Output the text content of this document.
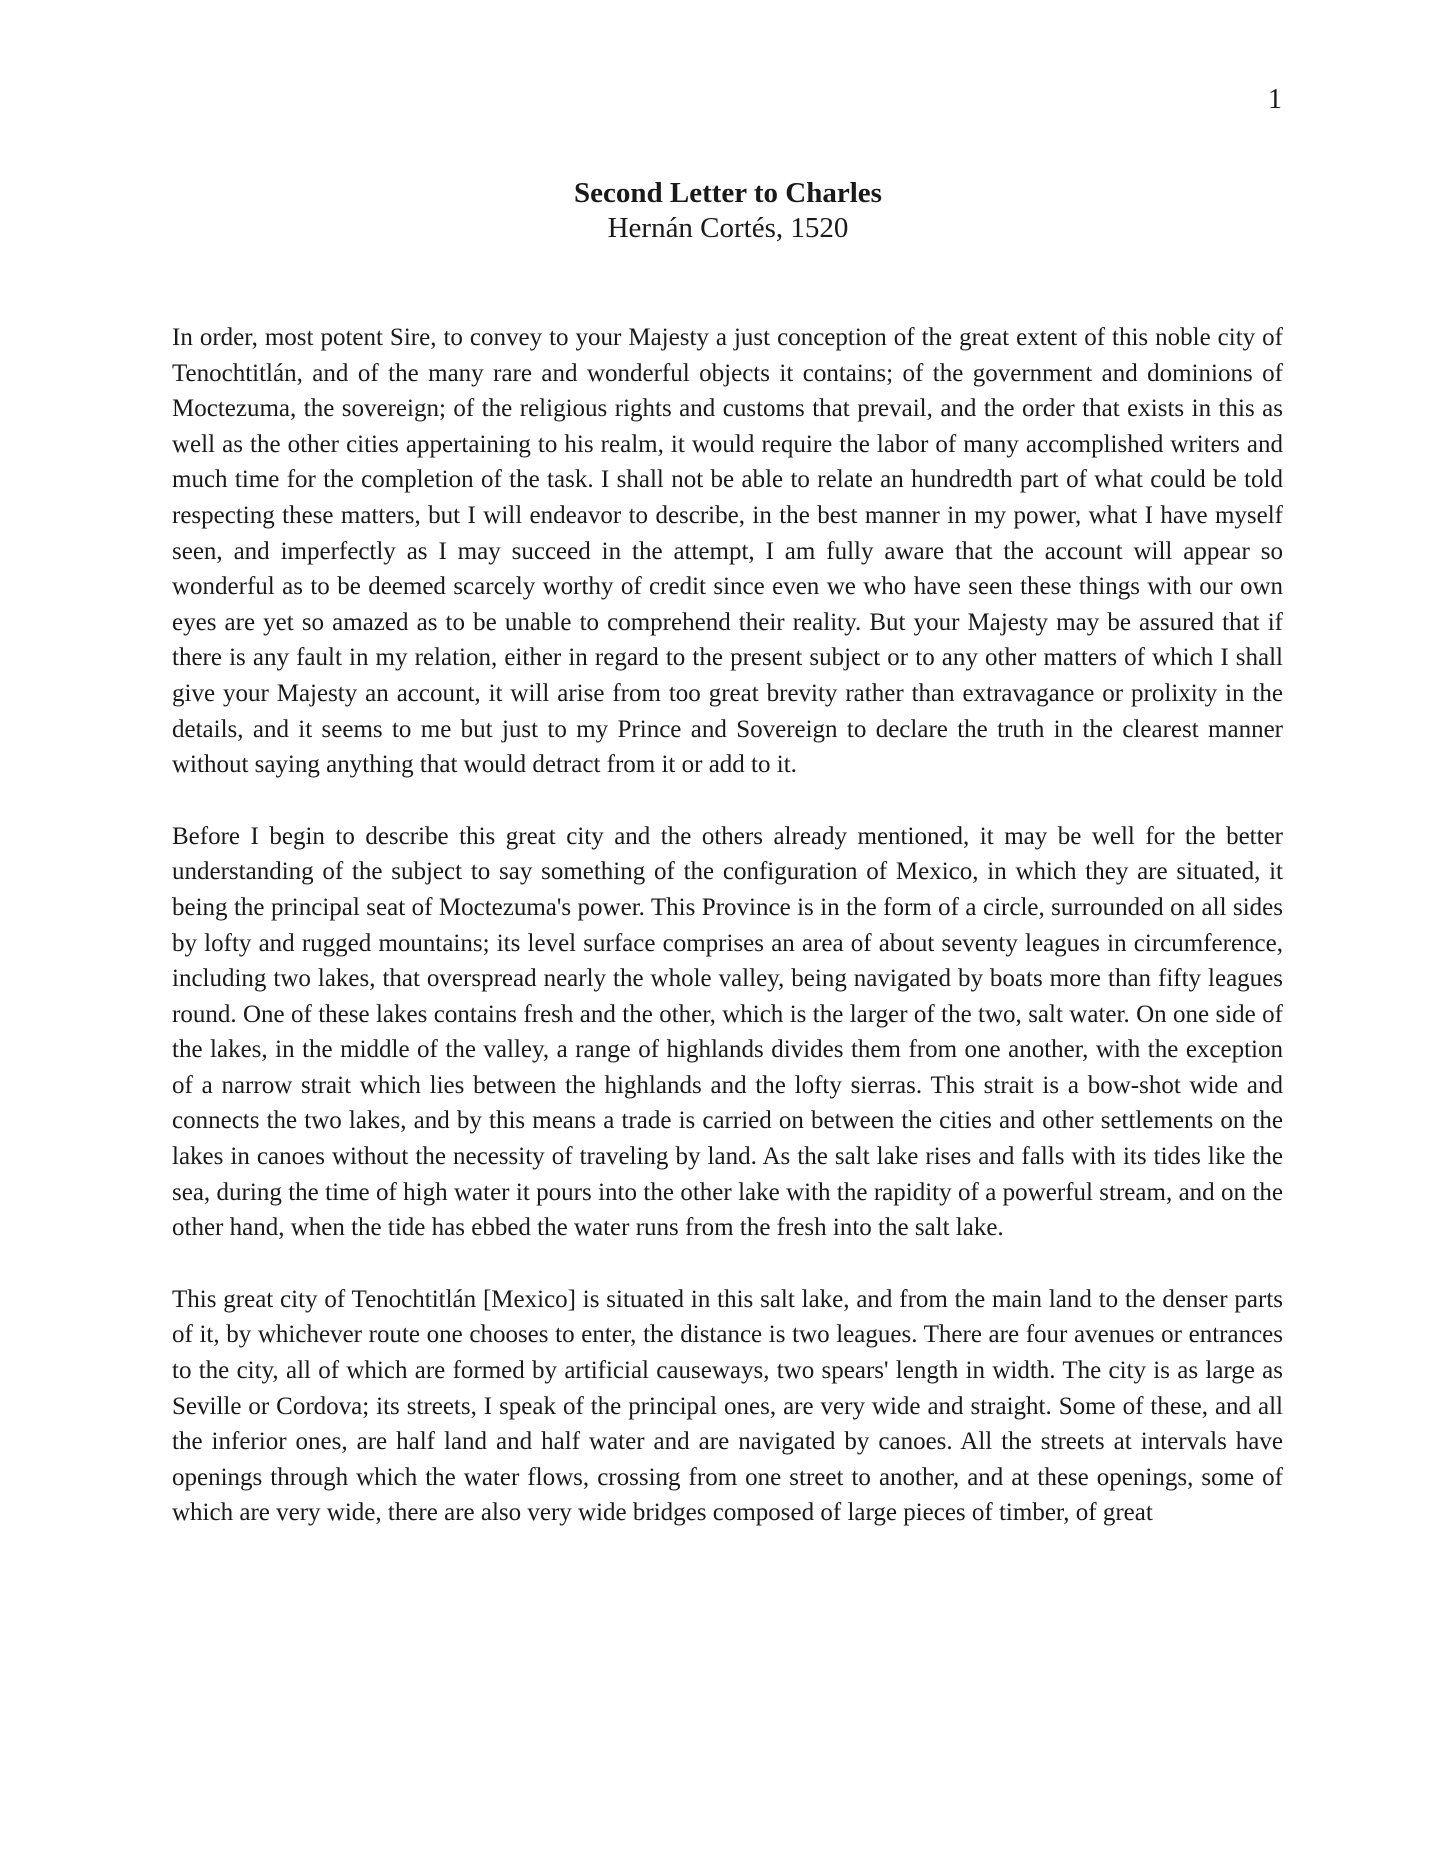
1

Second Letter to Charles

Hernán Cortés, 1520

In order, most potent Sire, to convey to your Majesty a just conception of the great extent of this noble city of Tenochtitlán, and of the many rare and wonderful objects it contains; of the government and dominions of Moctezuma, the sovereign; of the religious rights and customs that prevail, and the order that exists in this as well as the other cities appertaining to his realm, it would require the labor of many accomplished writers and much time for the completion of the task. I shall not be able to relate an hundredth part of what could be told respecting these matters, but I will endeavor to describe, in the best manner in my power, what I have myself seen, and imperfectly as I may succeed in the attempt, I am fully aware that the account will appear so wonderful as to be deemed scarcely worthy of credit since even we who have seen these things with our own eyes are yet so amazed as to be unable to comprehend their reality. But your Majesty may be assured that if there is any fault in my relation, either in regard to the present subject or to any other matters of which I shall give your Majesty an account, it will arise from too great brevity rather than extravagance or prolixity in the details, and it seems to me but just to my Prince and Sovereign to declare the truth in the clearest manner without saying anything that would detract from it or add to it.

Before I begin to describe this great city and the others already mentioned, it may be well for the better understanding of the subject to say something of the configuration of Mexico, in which they are situated, it being the principal seat of Moctezuma's power. This Province is in the form of a circle, surrounded on all sides by lofty and rugged mountains; its level surface comprises an area of about seventy leagues in circumference, including two lakes, that overspread nearly the whole valley, being navigated by boats more than fifty leagues round. One of these lakes contains fresh and the other, which is the larger of the two, salt water. On one side of the lakes, in the middle of the valley, a range of highlands divides them from one another, with the exception of a narrow strait which lies between the highlands and the lofty sierras. This strait is a bow-shot wide and connects the two lakes, and by this means a trade is carried on between the cities and other settlements on the lakes in canoes without the necessity of traveling by land. As the salt lake rises and falls with its tides like the sea, during the time of high water it pours into the other lake with the rapidity of a powerful stream, and on the other hand, when the tide has ebbed the water runs from the fresh into the salt lake.

This great city of Tenochtitlán [Mexico] is situated in this salt lake, and from the main land to the denser parts of it, by whichever route one chooses to enter, the distance is two leagues. There are four avenues or entrances to the city, all of which are formed by artificial causeways, two spears' length in width. The city is as large as Seville or Cordova; its streets, I speak of the principal ones, are very wide and straight. Some of these, and all the inferior ones, are half land and half water and are navigated by canoes. All the streets at intervals have openings through which the water flows, crossing from one street to another, and at these openings, some of which are very wide, there are also very wide bridges composed of large pieces of timber, of great
